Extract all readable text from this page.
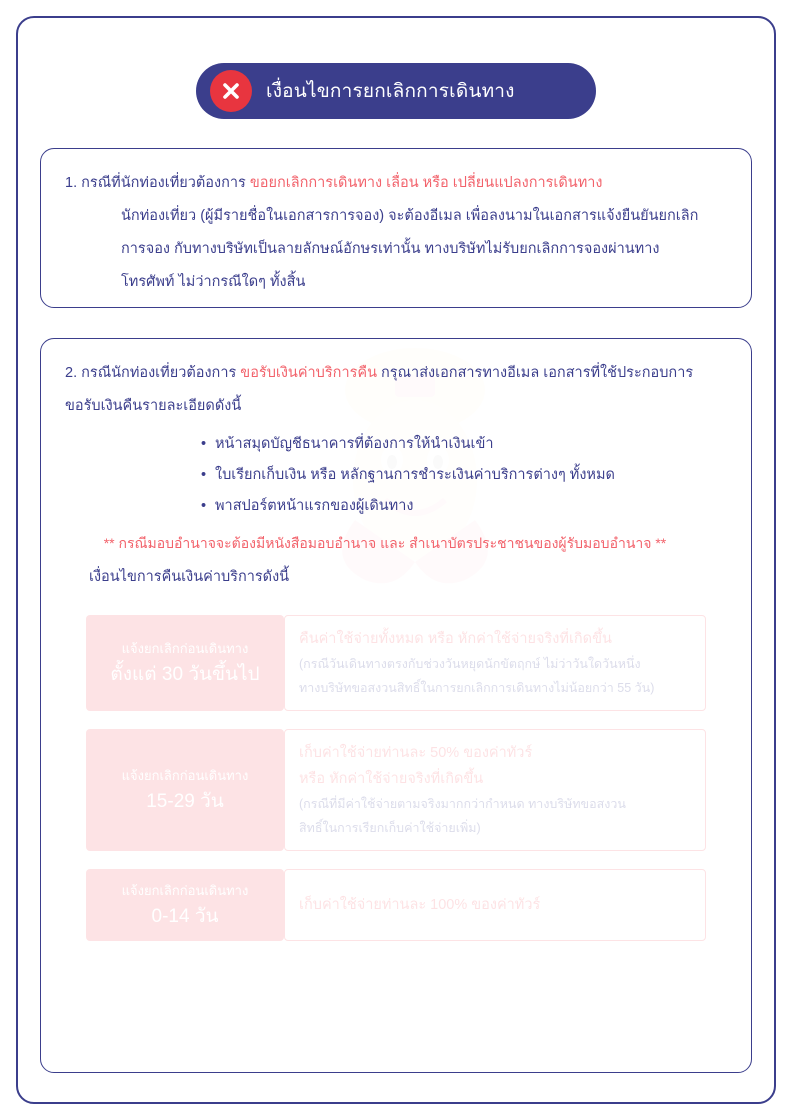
เงื่อนไขการยกเลิกการเดินทาง
1. กรณีที่นักท่องเที่ยวต้องการ ขอยกเลิกการเดินทาง เลื่อน หรือ เปลี่ยนแปลงการเดินทาง
นักท่องเที่ยว (ผู้มีรายชื่อในเอกสารการจอง) จะต้องอีเมล เพื่อลงนามในเอกสารแจ้งยืนยันยกเลิก
การจอง กับทางบริษัทเป็นลายลักษณ์อักษรเท่านั้น ทางบริษัทไม่รับยกเลิกการจองผ่านทาง
โทรศัพท์ ไม่ว่ากรณีใดๆ ทั้งสิ้น
2. กรณีนักท่องเที่ยวต้องการ ขอรับเงินค่าบริการคืน กรุณาส่งเอกสารทางอีเมล เอกสารที่ใช้ประกอบการ
ขอรับเงินคืนรายละเอียดดังนี้
• หน้าสมุดบัญชีธนาคารที่ต้องการให้นำเงินเข้า
• ใบเรียกเก็บเงิน หรือ หลักฐานการชำระเงินค่าบริการต่างๆ ทั้งหมด
• พาสปอร์ตหน้าแรกของผู้เดินทาง
** กรณีมอบอำนาจจะต้องมีหนังสือมอบอำนาจ และ สำเนาบัตรประชาชนของผู้รับมอบอำนาจ **
เงื่อนไขการคืนเงินค่าบริการดังนี้
